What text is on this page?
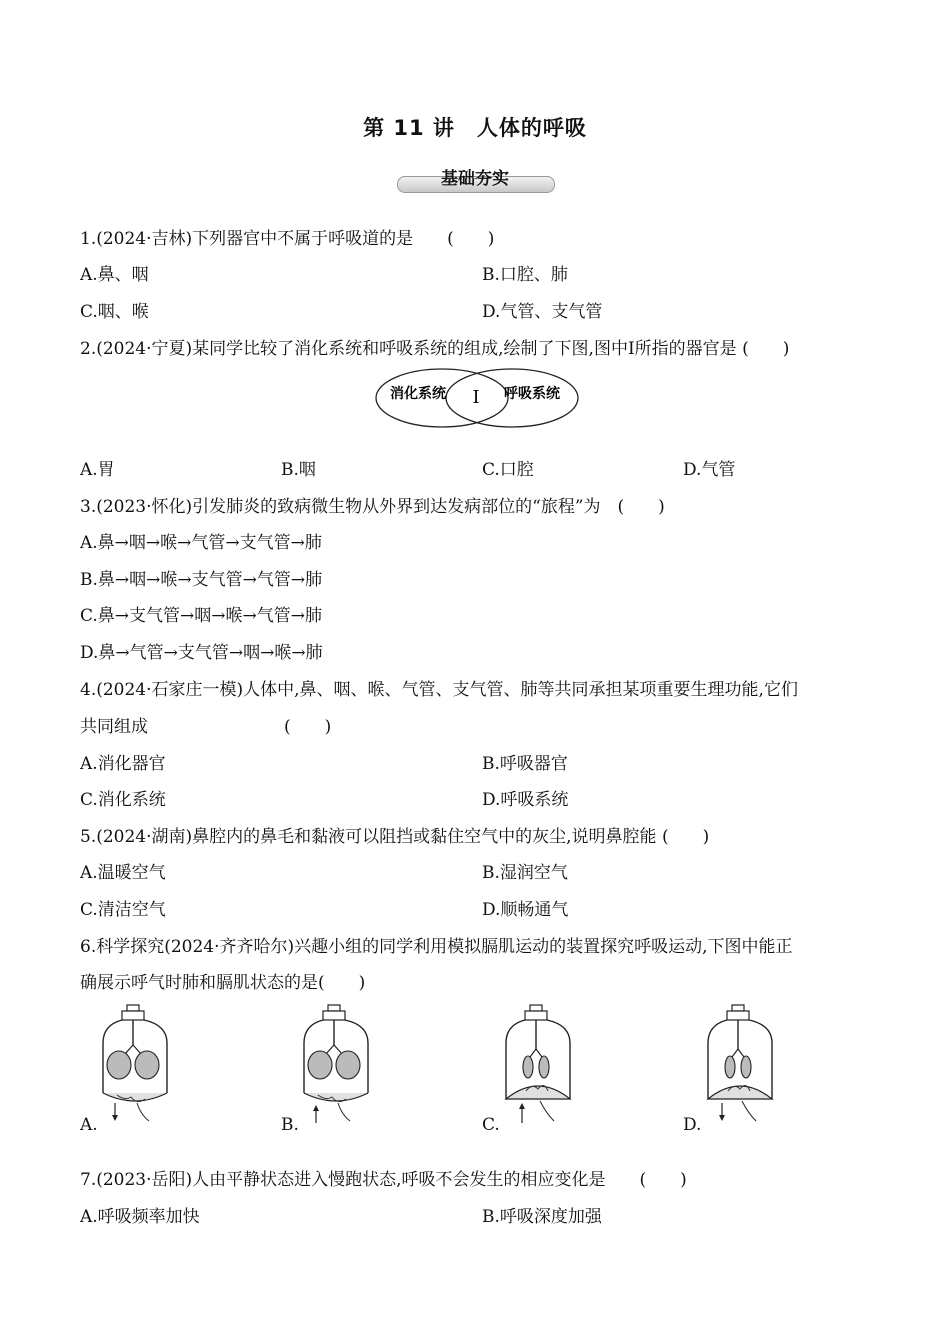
第 11 讲　人体的呼吸
基础夯实
1.(2024·吉林)下列器官中不属于呼吸道的是　　(　　)
A.鼻、咽	B.口腔、肺
C.咽、喉	D.气管、支气管
2.(2024·宁夏)某同学比较了消化系统和呼吸系统的组成,绘制了下图,图中Ⅰ所指的器官是 (　　)
消化系统 Ⅰ 呼吸系统
A.胃	B.咽	C.口腔	D.气管
3.(2023·怀化)引发肺炎的致病微生物从外界到达发病部位的“旅程”为　(　　)
A.鼻→咽→喉→气管→支气管→肺
B.鼻→咽→喉→支气管→气管→肺
C.鼻→支气管→咽→喉→气管→肺
D.鼻→气管→支气管→咽→喉→肺
4.(2024·石家庄一模)人体中,鼻、咽、喉、气管、支气管、肺等共同承担某项重要生理功能,它们
共同组成　　　　　　　　(　　)
A.消化器官	B.呼吸器官
C.消化系统	D.呼吸系统
5.(2024·湖南)鼻腔内的鼻毛和黏液可以阻挡或黏住空气中的灰尘,说明鼻腔能 (　　)
A.温暖空气	B.湿润空气
C.清洁空气	D.顺畅通气
6.科学探究(2024·齐齐哈尔)兴趣小组的同学利用模拟膈肌运动的装置探究呼吸运动,下图中能正
确展示呼气时肺和膈肌状态的是(　　)
A.	B.	C.	D.
7.(2023·岳阳)人由平静状态进入慢跑状态,呼吸不会发生的相应变化是　　(　　)
A.呼吸频率加快	B.呼吸深度加强
